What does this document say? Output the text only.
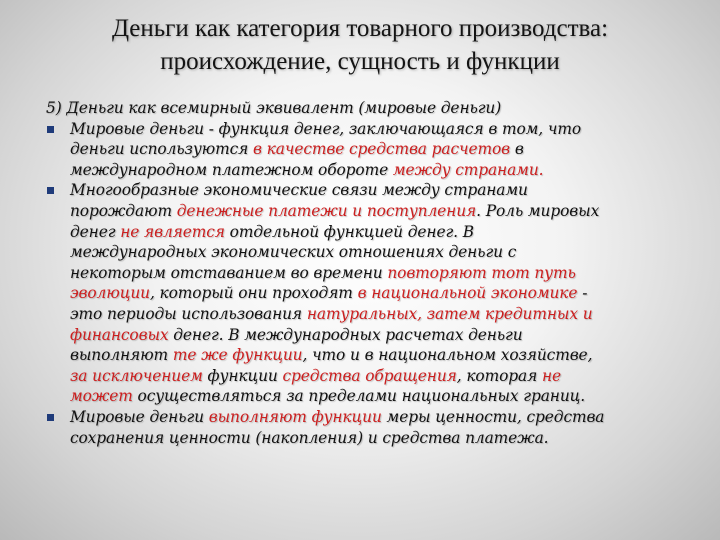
Деньги как категория товарного производства:
происхождение, сущность и функции
5) Деньги как всемирный эквивалент (мировые деньги)
Мировые деньги - функция денег, заключающаяся в том, что
деньги используются в качестве средства расчетов в
международном платежном обороте между странами.
Многообразные экономические связи между странами
порождают денежные платежи и поступления. Роль мировых
денег не является отдельной функцией денег. В
международных экономических отношениях деньги с
некоторым отставанием во времени повторяют тот путь
эволюции, который они проходят в национальной экономике -
это периоды использования натуральных, затем кредитных и
финансовых денег. В международных расчетах деньги
выполняют те же функции, что и в национальном хозяйстве,
за исключением функции средства обращения, которая не
может осуществляться за пределами национальных границ.
Мировые деньги выполняют функции меры ценности, средства
сохранения ценности (накопления) и средства платежа.
